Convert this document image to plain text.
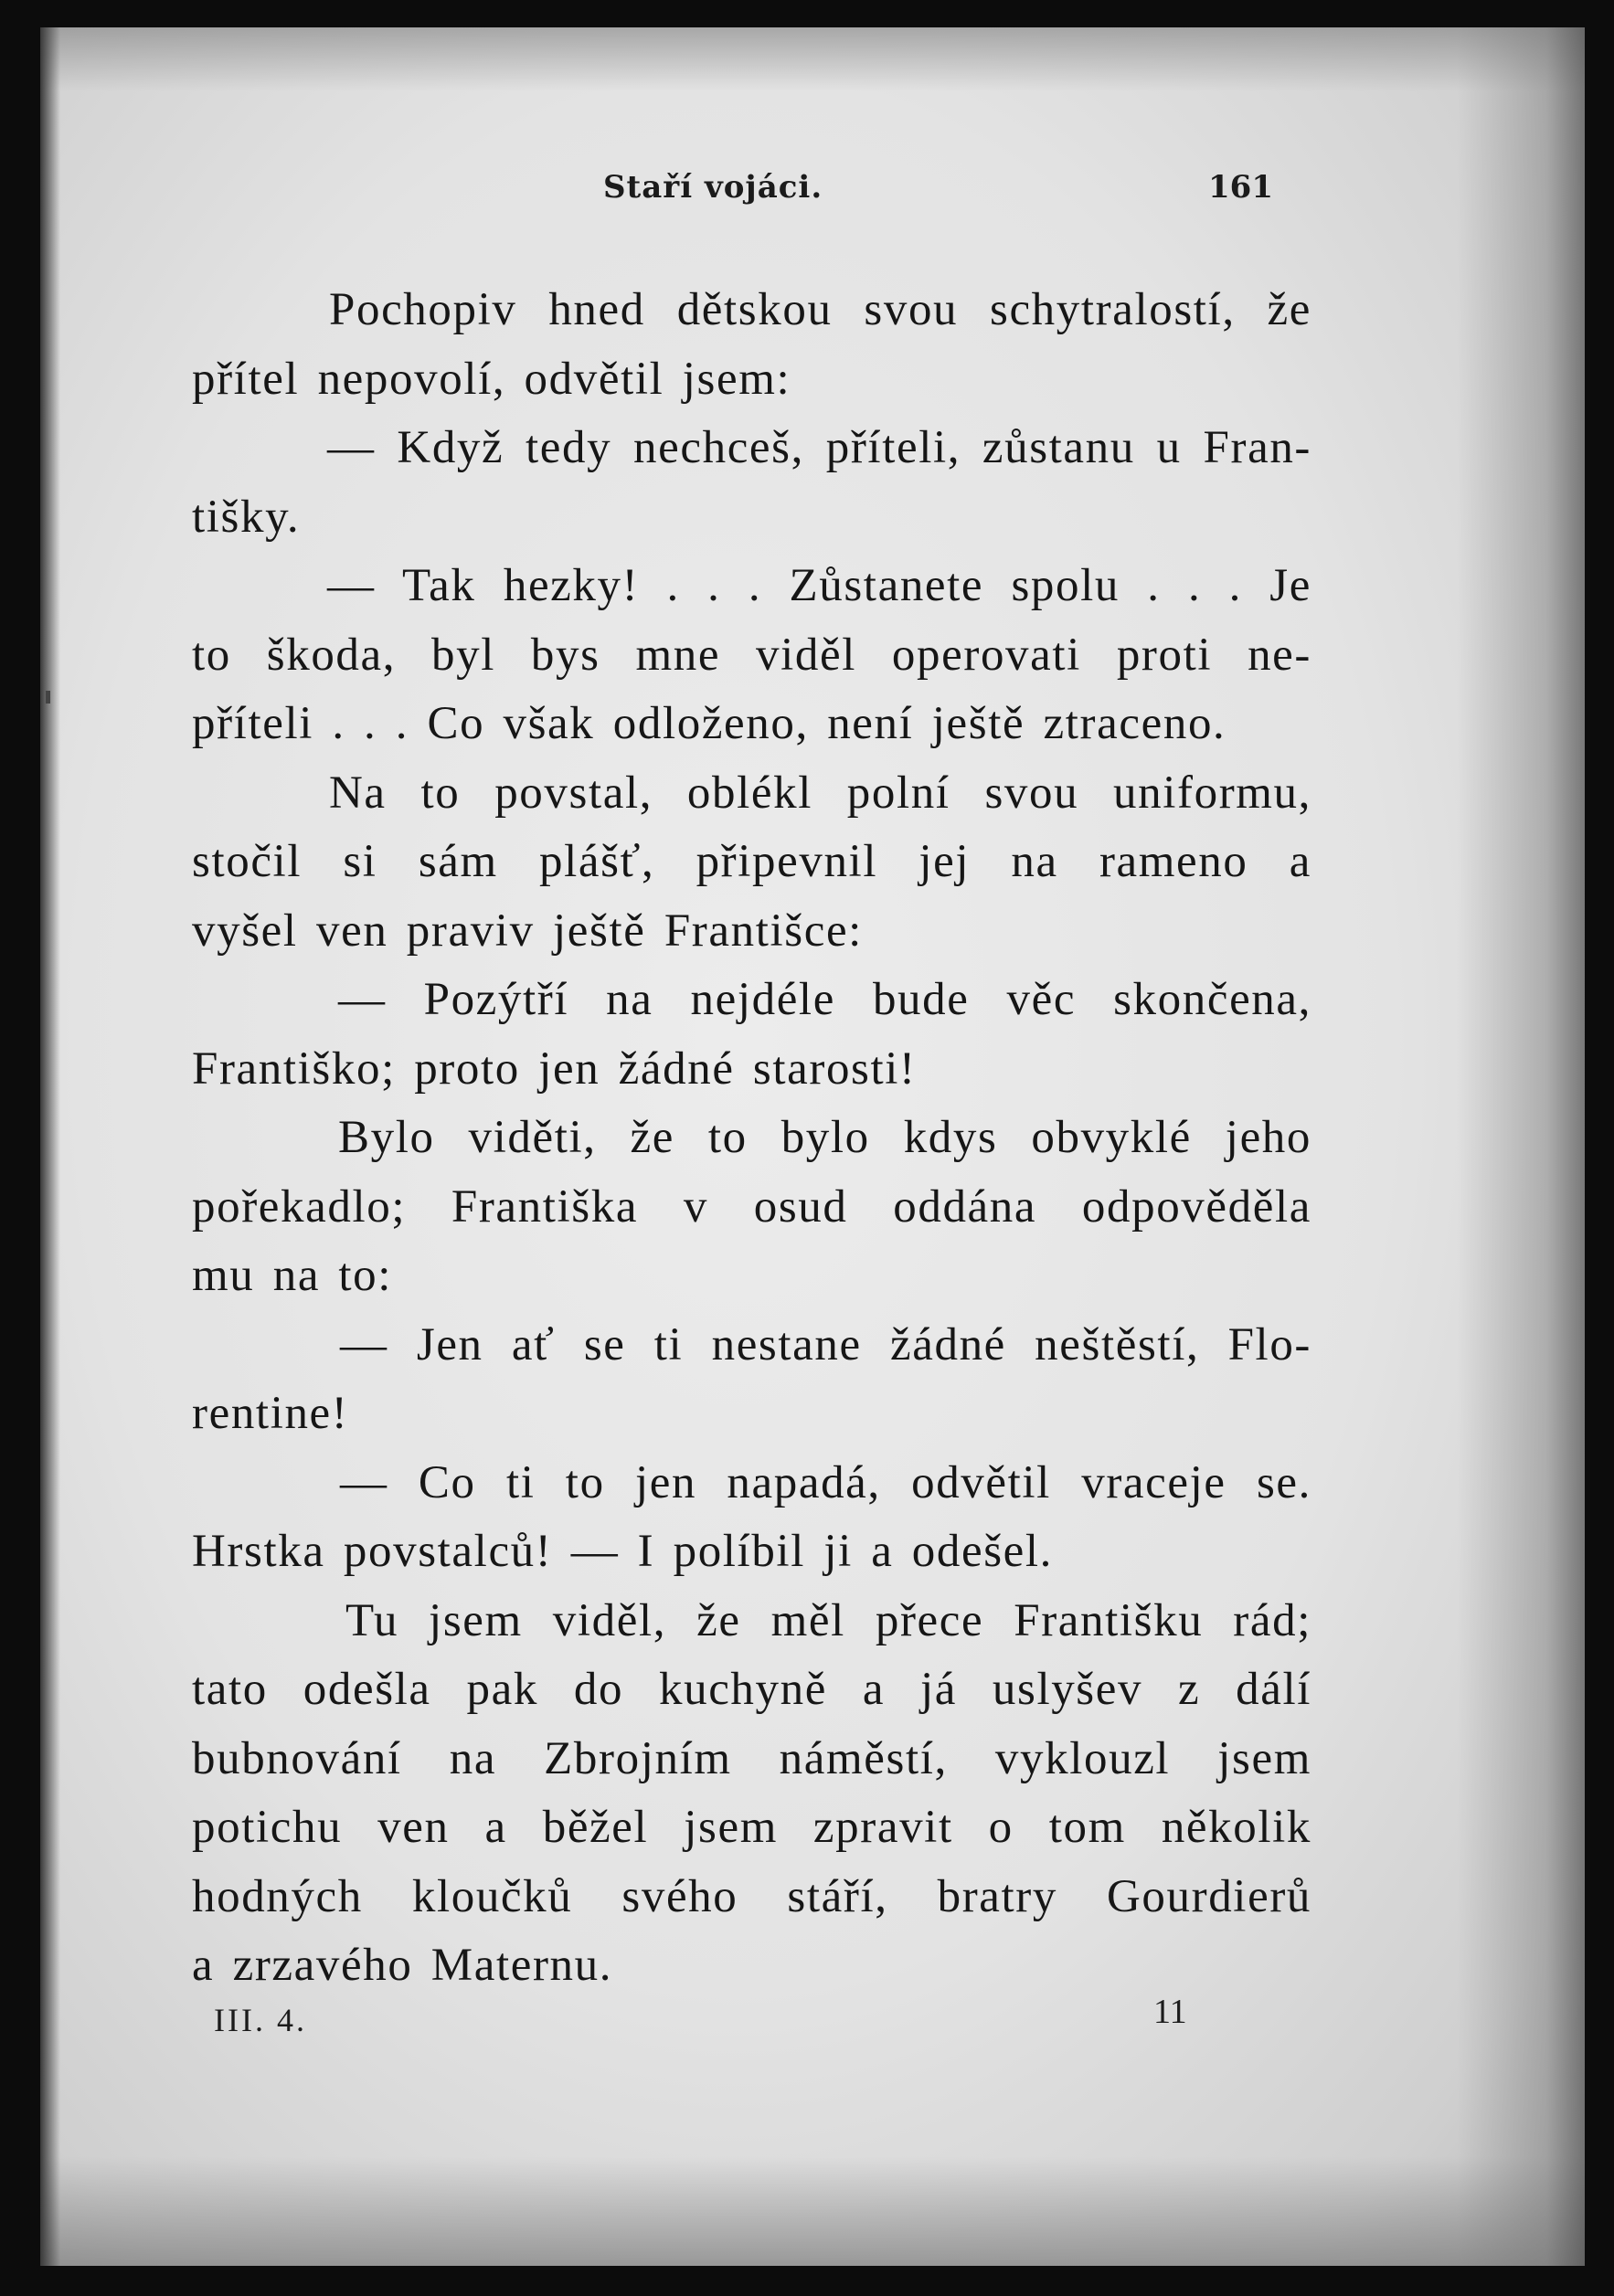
Staří vojáci.	161
Pochopiv hned dětskou svou schytralostí, že
přítel nepovolí, odvětil jsem:
— Když tedy nechceš, příteli, zůstanu u Fran-
tišky.
— Tak hezky! . . . Zůstanete spolu . . . Je
to škoda, byl bys mne viděl operovati proti ne-
příteli . . . Co však odloženo, není ještě ztraceno.
Na to povstal, oblékl polní svou uniformu,
stočil si sám plášť, připevnil jej na rameno a
vyšel ven praviv ještě Františce:
— Pozýtří na nejdéle bude věc skončena,
Františko; proto jen žádné starosti!
Bylo viděti, že to bylo kdys obvyklé jeho
pořekadlo; Františka v osud oddána odpověděla
mu na to:
— Jen ať se ti nestane žádné neštěstí, Flo-
rentine!
— Co ti to jen napadá, odvětil vraceje se.
Hrstka povstalců! — I políbil ji a odešel.
Tu jsem viděl, že měl přece Františku rád;
tato odešla pak do kuchyně a já uslyšev z dálí
bubnování na Zbrojním náměstí, vyklouzl jsem
potichu ven a běžel jsem zpravit o tom několik
hodných kloučků svého stáří, bratry Gourdierů
a zrzavého Maternu.
III. 4.	11
